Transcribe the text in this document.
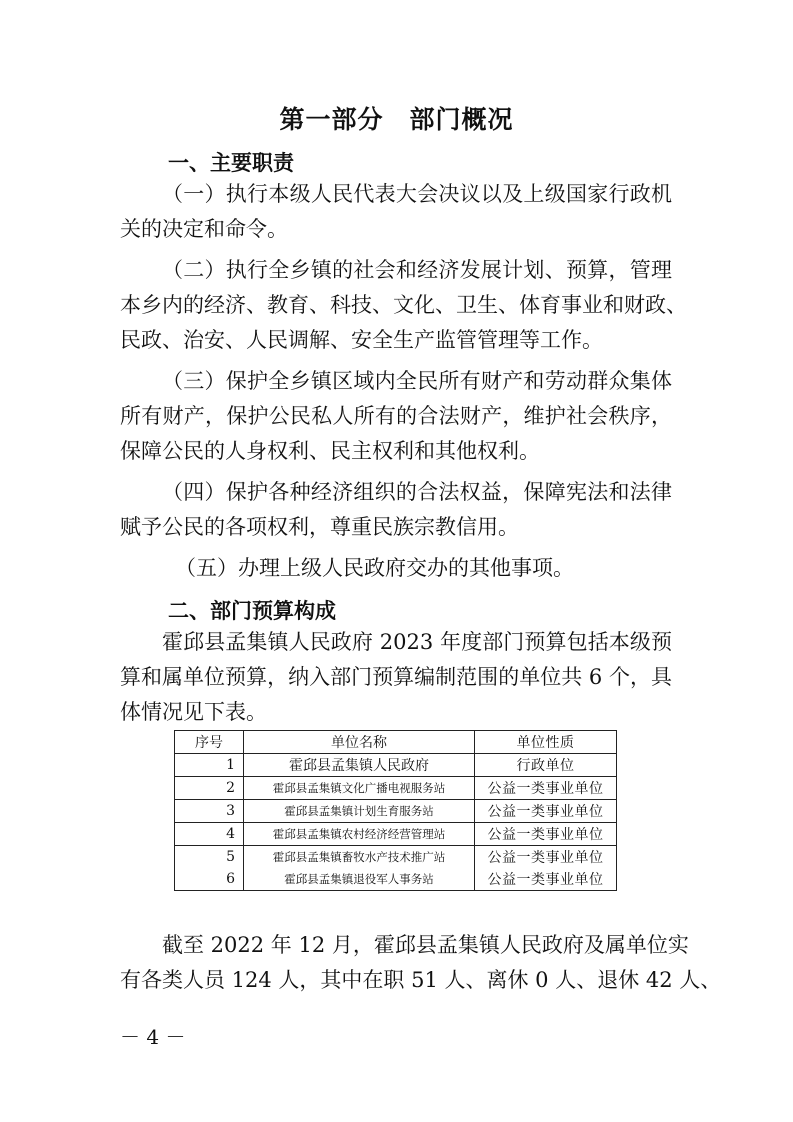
第一部分　部门概况
一、主要职责
（一）执行本级人民代表大会决议以及上级国家行政机
关的决定和命令。
（二）执行全乡镇的社会和经济发展计划、预算，管理
本乡内的经济、教育、科技、文化、卫生、体育事业和财政、
民政、治安、人民调解、安全生产监管管理等工作。
（三）保护全乡镇区域内全民所有财产和劳动群众集体
所有财产，保护公民私人所有的合法财产，维护社会秩序，
保障公民的人身权利、民主权利和其他权利。
（四）保护各种经济组织的合法权益，保障宪法和法律
赋予公民的各项权利，尊重民族宗教信用。
（五）办理上级人民政府交办的其他事项。
二、部门预算构成
霍邱县孟集镇人民政府 2023 年度部门预算包括本级预
算和属单位预算，纳入部门预算编制范围的单位共 6 个，具
体情况见下表。
序号	单位名称	单位性质
1	霍邱县孟集镇人民政府	行政单位
2	霍邱县孟集镇文化广播电视服务站	公益一类事业单位
3	霍邱县孟集镇计划生育服务站	公益一类事业单位
4	霍邱县孟集镇农村经济经营管理站	公益一类事业单位
5	霍邱县孟集镇畜牧水产技术推广站	公益一类事业单位
6	霍邱县孟集镇退役军人事务站	公益一类事业单位
截至 2022 年 12 月，霍邱县孟集镇人民政府及属单位实
有各类人员 124 人，其中在职 51 人、离休 0 人、退休 42 人、
－ 4 －
